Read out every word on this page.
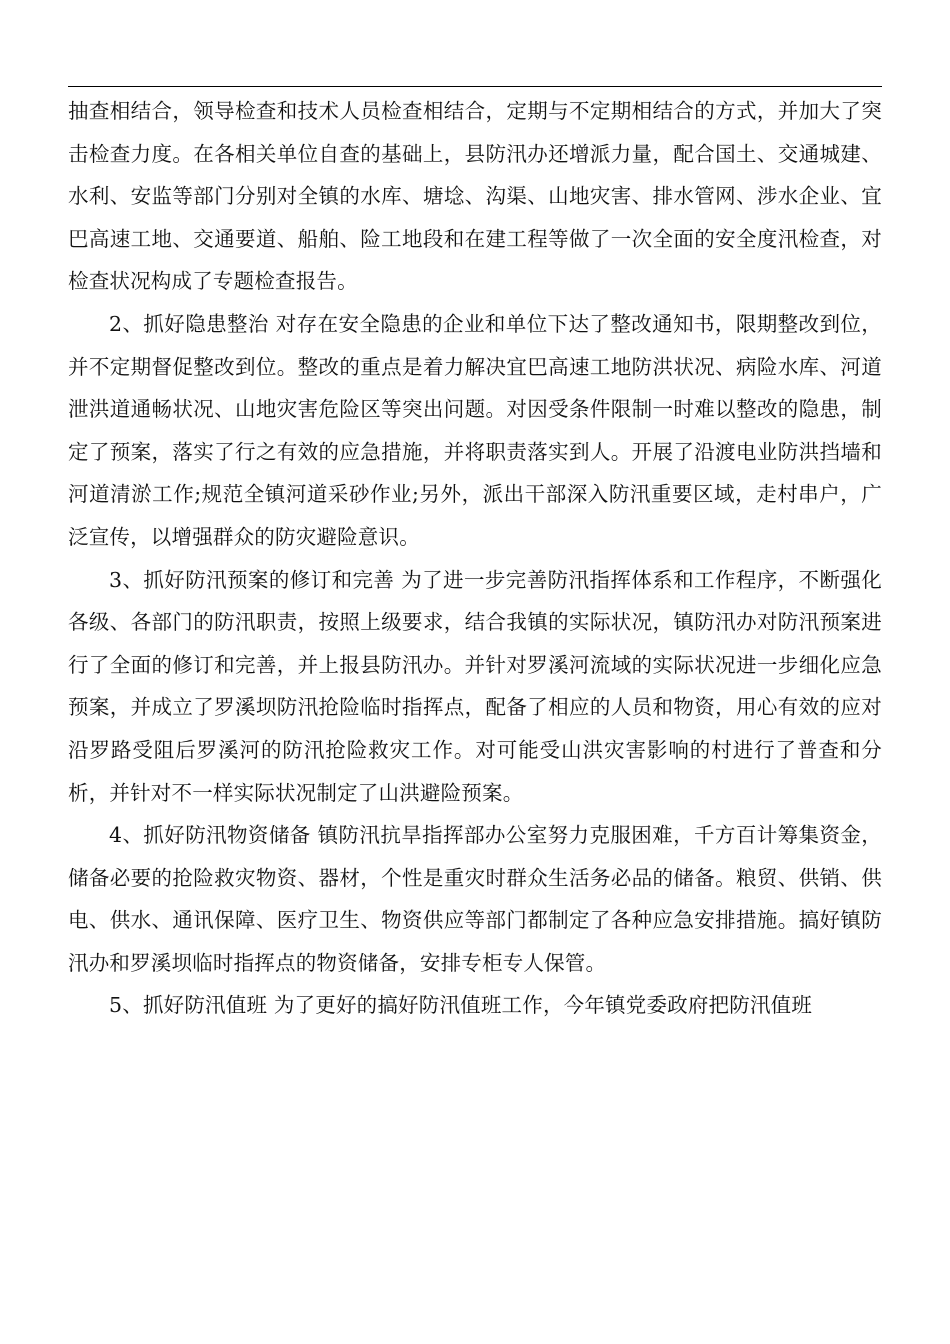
抽查相结合，领导检查和技术人员检查相结合，定期与不定期相结合的方式，并加大了突击检查力度。在各相关单位自查的基础上，县防汛办还增派力量，配合国土、交通城建、水利、安监等部门分别对全镇的水库、塘埝、沟渠、山地灾害、排水管网、涉水企业、宜巴高速工地、交通要道、船舶、险工地段和在建工程等做了一次全面的安全度汛检查，对检查状况构成了专题检查报告。

2、抓好隐患整治 对存在安全隐患的企业和单位下达了整改通知书，限期整改到位，并不定期督促整改到位。整改的重点是着力解决宜巴高速工地防洪状况、病险水库、河道泄洪道通畅状况、山地灾害危险区等突出问题。对因受条件限制一时难以整改的隐患，制定了预案，落实了行之有效的应急措施，并将职责落实到人。开展了沿渡电业防洪挡墙和河道清淤工作;规范全镇河道采砂作业;另外，派出干部深入防汛重要区域，走村串户，广泛宣传，以增强群众的防灾避险意识。

3、抓好防汛预案的修订和完善 为了进一步完善防汛指挥体系和工作程序，不断强化各级、各部门的防汛职责，按照上级要求，结合我镇的实际状况，镇防汛办对防汛预案进行了全面的修订和完善，并上报县防汛办。并针对罗溪河流域的实际状况进一步细化应急预案，并成立了罗溪坝防汛抢险临时指挥点，配备了相应的人员和物资，用心有效的应对沿罗路受阻后罗溪河的防汛抢险救灾工作。对可能受山洪灾害影响的村进行了普查和分析，并针对不一样实际状况制定了山洪避险预案。

4、抓好防汛物资储备 镇防汛抗旱指挥部办公室努力克服困难，千方百计筹集资金，储备必要的抢险救灾物资、器材，个性是重灾时群众生活务必品的储备。粮贸、供销、供电、供水、通讯保障、医疗卫生、物资供应等部门都制定了各种应急安排措施。搞好镇防汛办和罗溪坝临时指挥点的物资储备，安排专柜专人保管。

5、抓好防汛值班 为了更好的搞好防汛值班工作，今年镇党委政府把防汛值班
